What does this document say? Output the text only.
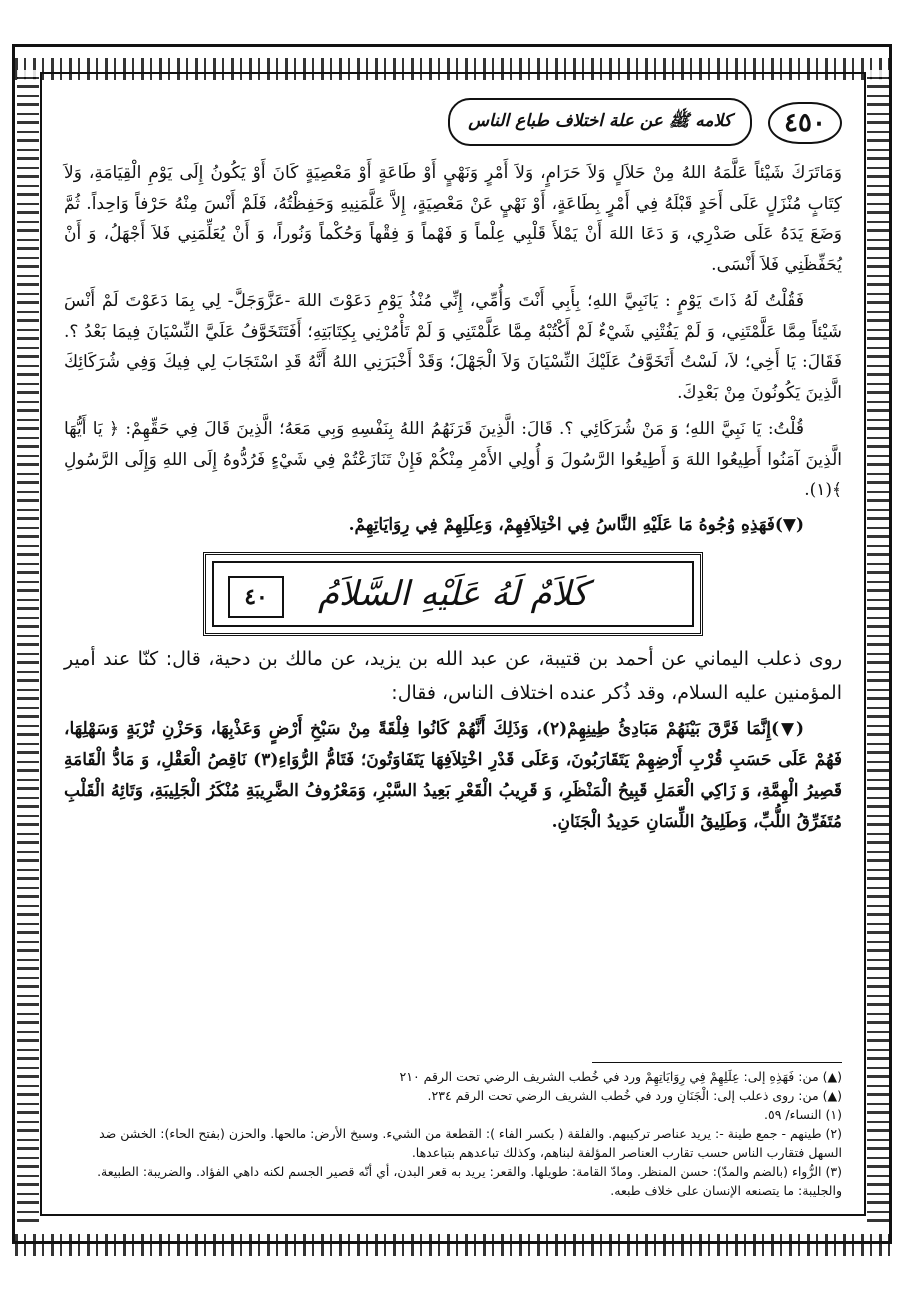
٤٥٠
كلامه ﷺ عن علة اختلاف طباع الناس

وَمَاتَرَكَ شَيْئاً عَلَّمَهُ اللهُ مِنْ حَلاَلٍ وَلاَ حَرَامٍ، وَلاَ أَمْرٍ وَنَهْيٍ أَوْ طَاعَةٍ أَوْ مَعْصِيَةٍ كَانَ أَوْ يَكُونُ إِلَى يَوْمِ الْقِيَامَةِ، وَلاَ كِتَابٍ مُنْزَلٍ عَلَى أَحَدٍ قَبْلَهُ فِي أَمْرٍ بِطَاعَةٍ، أَوْ نَهْيٍ عَنْ مَعْصِيَةٍ، إِلاَّ عَلَّمَنِيهِ وَحَفِظْتُهُ، فَلَمْ أَنْسَ مِنْهُ حَرْفاً وَاحِداً. ثُمَّ وَضَعَ يَدَهُ عَلَى صَدْرِي، وَ دَعَا اللهَ أَنْ يَمْلأَ قَلْبِي عِلْماً وَ فَهْماً وَ فِقْهاً وَحُكْماً وَنُوراً، وَ أَنْ يُعَلِّمَنِي فَلاَ أَجْهَلُ، وَ أَنْ يُحَفِّظَنِي فَلاَ أَنْسَى.

فَقُلْتُ لَهُ ذَاتَ يَوْمٍ : يَانَبِيَّ اللهِ؛ بِأَبِي أَنْتَ وَأُمِّي، إِنِّي مُنْذُ يَوْمِ دَعَوْتَ اللهَ -عَزَّوَجَلَّ- لِي بِمَا دَعَوْتَ لَمْ أَنْسَ شَيْئاً مِمَّا عَلَّمْتَنِي، وَ لَمْ يَفُتْنِي شَيْءٌ لَمْ أَكْتُبْهُ مِمَّا عَلَّمْتَنِي وَ لَمْ تَأْمُرْنِي بِكِتَابَتِهِ؛ أَفَتَتَخَوَّفُ عَلَيَّ النِّسْيَانَ فِيمَا بَعْدُ ؟. فَقَالَ: يَا أَخِي؛ لاَ، لَسْتُ أَتَخَوَّفُ عَلَيْكَ النِّسْيَانَ وَلاَ الْجَهْلَ؛ وَقَدْ أَخْبَرَنِي اللهُ أَنَّهُ قَدِ اسْتَجَابَ لِي فِيكَ وَفِي شُرَكَائِكَ الَّذِينَ يَكُونُونَ مِنْ بَعْدِكَ.

قُلْتُ: يَا نَبِيَّ اللهِ؛ وَ مَنْ شُرَكَائِي ؟. قَالَ: الَّذِينَ قَرَنَهُمُ اللهُ بِنَفْسِهِ وَبِي مَعَهُ؛ الَّذِينَ قَالَ فِي حَقِّهِمْ: ﴿ يَا أَيُّهَا الَّذِينَ آمَنُوا أَطِيعُوا اللهَ وَ أَطِيعُوا الرَّسُولَ وَ أُولِي الأَمْرِ مِنْكُمْ فَإِنْ تَنَازَعْتُمْ فِي شَيْءٍ فَرُدُّوهُ إِلَى اللهِ وَإِلَى الرَّسُولِ ﴾(١).

(▼)فَهَذِهِ وُجُوهُ مَا عَلَيْهِ النَّاسُ فِي اخْتِلاَفِهِمْ، وَعِلَلِهِمْ فِي رِوَايَاتِهِمْ.

كَلاَمٌ لَهُ عَلَيْهِ السَّلاَمُ
٤٠

روى ذعلب اليماني عن أحمد بن قتيبة، عن عبد الله بن يزيد، عن مالك بن دحية، قال: كنّا عند أمير المؤمنين عليه السلام، وقد ذُكر عنده اختلاف الناس، فقال:

(▼)إِنَّمَا فَرَّقَ بَيْنَهُمْ مَبَادِئُ طِينِهِمْ(٢)، وَذَلِكَ أَنَّهُمْ كَانُوا فِلْقَةً مِنْ سَبْخِ أَرْضٍ وَعَذْبِهَا، وَحَزْنِ تُرْبَةٍ وَسَهْلِهَا، فَهُمْ عَلَى حَسَبِ قُرْبِ أَرْضِهِمْ يَتَقَارَبُونَ، وَعَلَى قَدْرِ اخْتِلاَفِهَا يَتَفَاوَتُونَ؛ فَتَامُّ الرُّوَاءِ(٣) نَاقِصُ الْعَقْلِ، وَ مَادُّ الْقَامَةِ قَصِيرُ الْهِمَّةِ، وَ زَاكِي الْعَمَلِ قَبِيحُ الْمَنْظَرِ، وَ قَرِيبُ الْقَعْرِ بَعِيدُ السَّبْرِ، وَمَعْرُوفُ الضَّرِيبَةِ مُنْكَرُ الْجَلِيبَةِ، وَتَائِهُ الْقَلْبِ مُتَفَرِّقُ اللُّبِّ، وَطَلِيقُ اللِّسَانِ حَدِيدُ الْجَنَانِ.

(▲) من: فَهَذِهِ إلى: عِلَلِهِمْ فِي رِوَايَاتِهِمْ ورد في خُطب الشريف الرضي تحت الرقم ٢١٠

(▲) من: روى ذعلب إلى: الْجَنَانِ ورد في خُطب الشريف الرضي تحت الرقم ٢٣٤.

(١) النساء/ ٥٩.

(٢) طينهم - جمع طينة -: يريد عناصر تركيبهم. والفلقة ( بكسر الفاء ): القطعة من الشيء. وسبخ الأرض: مالحها. والحزن (بفتح الحاء): الخشن ضد السهل فتقارب الناس حسب تقارب العناصر المؤلفة لبناهم، وكذلك تباعدهم بتباعدها.

(٣) الرُّواء (بالضم والمدّ): حسن المنظر. ومادّ القامة: طويلها. والقعر: يريد به قعر البدن، أي أنّه قصير الجسم لكنه داهي الفؤاد. والضريبة: الطبيعة. والجليبة: ما يتصنعه الإنسان على خلاف طبعه.
